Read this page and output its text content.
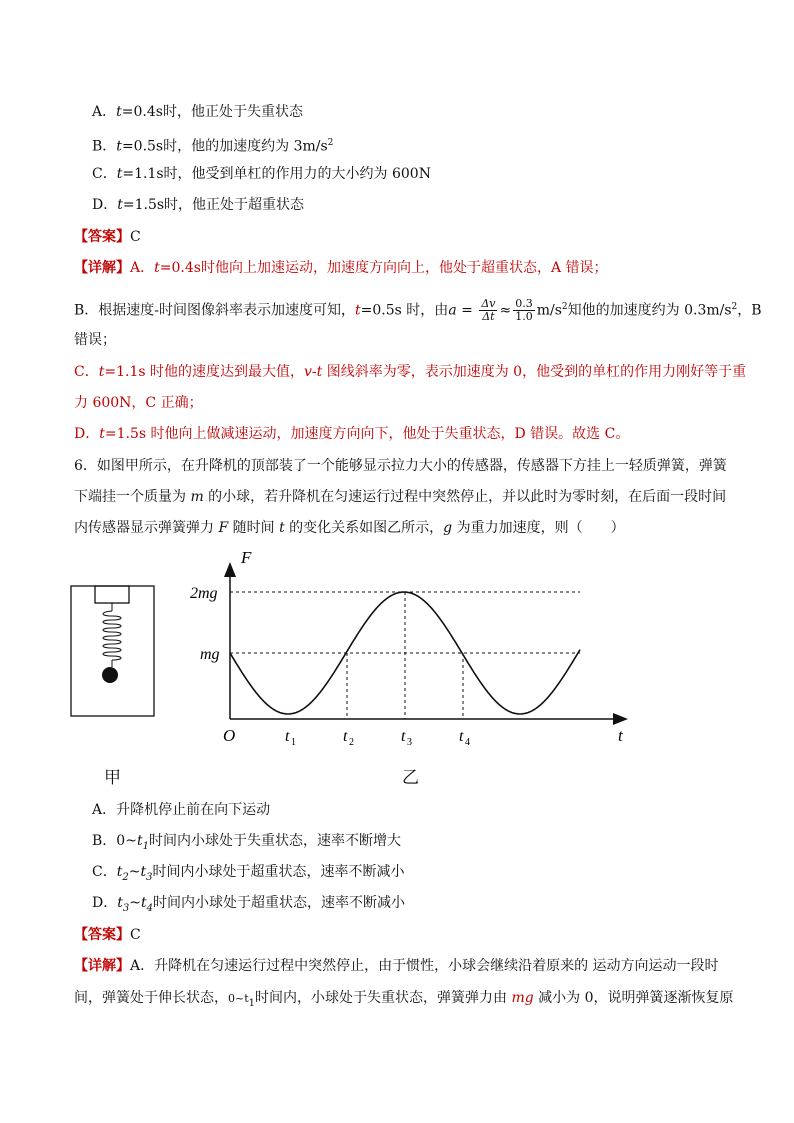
A．t=0.4s时，他正处于失重状态
B．t=0.5s时，他的加速度约为 $3m/s^2$
C．t=1.1s时，他受到单杠的作用力的大小约为 600N
D．t=1.5s时，他正处于超重状态
【答案】C
【详解】A．t=0.4s时他向上加速运动，加速度方向向上，他处于超重状态，A 错误；
B．根据速度-时间图像斜率表示加速度可知，t=0.5s 时，由$a = \frac{\Delta v}{\Delta t} \approx \frac{0.3}{1.0} m/s^2$知他的加速度约为 $0.3m/s^2$，B
错误；
C．t=1.1s 时他的速度达到最大值，v-t 图线斜率为零，表示加速度为 0，他受到的单杠的作用力刚好等于重
力 600N，C 正确；
D．t=1.5s 时他向上做减速运动，加速度方向向下，他处于失重状态，D 错误。故选 C。
6．如图甲所示，在升降机的顶部装了一个能够显示拉力大小的传感器，传感器下方挂上一轻质弹簧，弹簧
下端挂一个质量为 m 的小球，若升降机在匀速运行过程中突然停止，并以此时为零时刻，在后面一段时间
内传感器显示弹簧弹力 F 随时间 t 的变化关系如图乙所示，g 为重力加速度，则（　　）
甲
F
2mg
mg
O	t
t 1	t 2	t 3	t 4
乙
A．升降机停止前在向下运动
B．$0\sim t_1$时间内小球处于失重状态，速率不断增大
C．$t_2\sim t_3$时间内小球处于超重状态，速率不断减小
D．$t_3\sim t_4$时间内小球处于超重状态，速率不断减小
【答案】C
【详解】A．升降机在匀速运行过程中突然停止，由于惯性，小球会继续沿着原来的 运动方向运动一段时
间，弹簧处于伸长状态，$0\sim t_1$时间内，小球处于失重状态，弹簧弹力由 mg 减小为 0，说明弹簧逐渐恢复原
